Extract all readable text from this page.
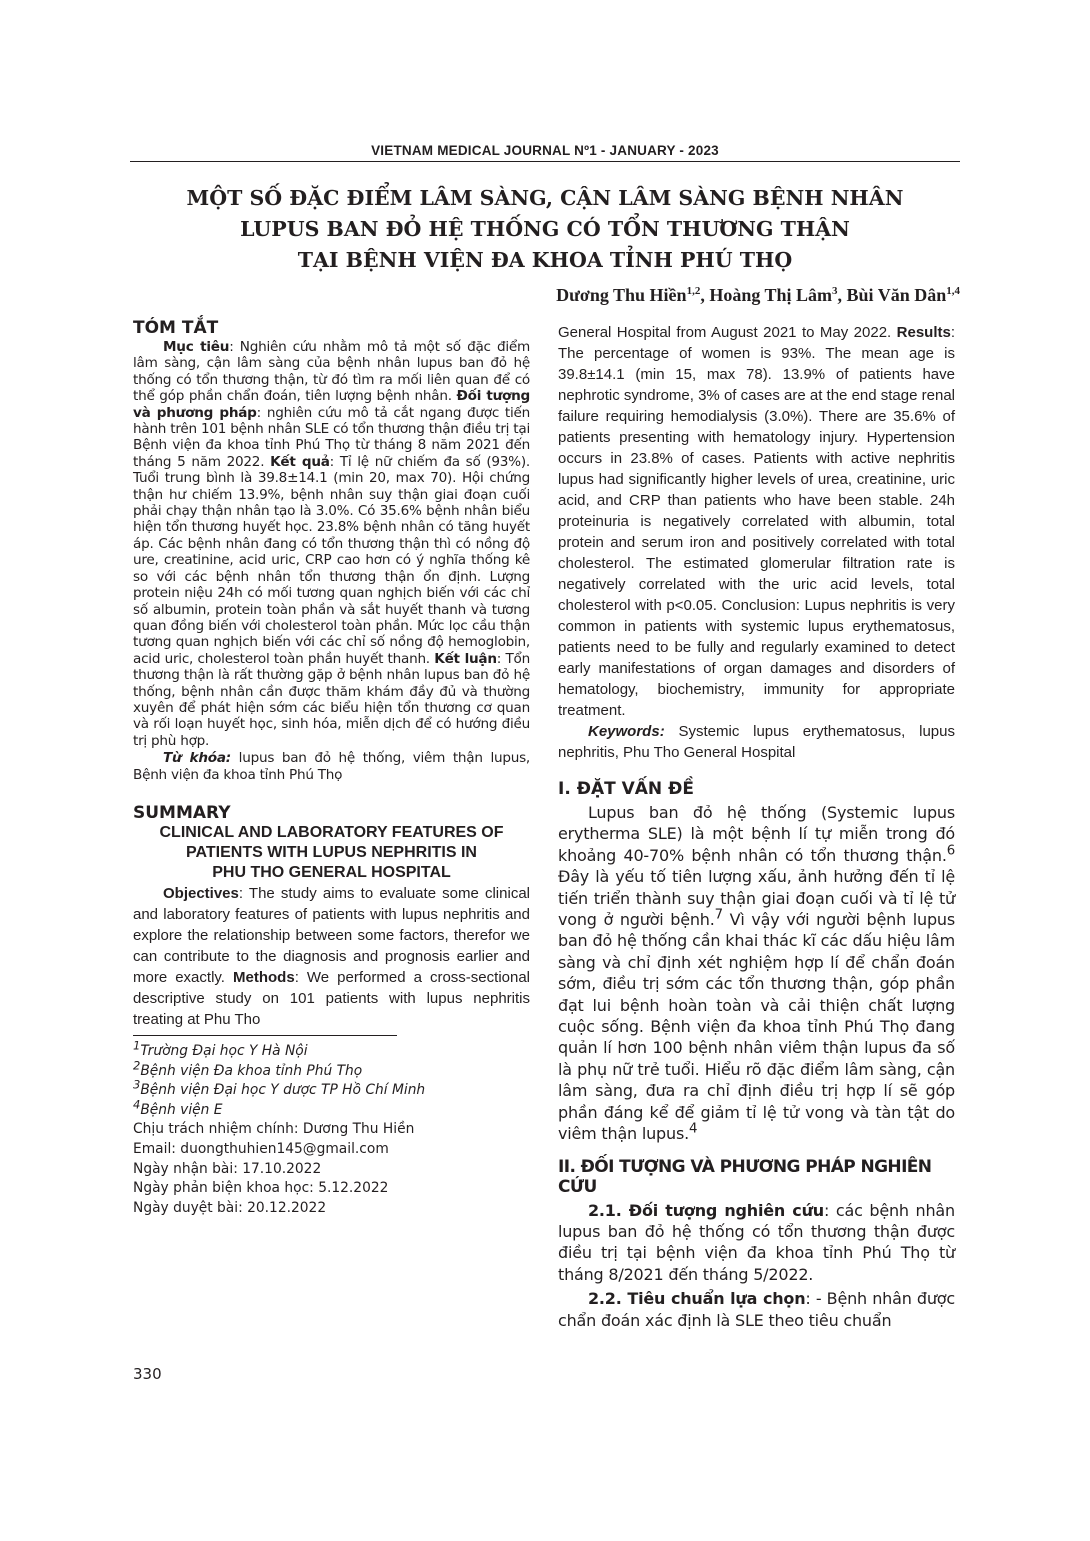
VIETNAM MEDICAL JOURNAL Nº1 - JANUARY - 2023
MỘT SỐ ĐẶC ĐIỂM LÂM SÀNG, CẬN LÂM SÀNG BỆNH NHÂN
LUPUS BAN ĐỎ HỆ THỐNG CÓ TỔN THƯƠNG THẬN
TẠI BỆNH VIỆN ĐA KHOA TỈNH PHÚ THỌ
Dương Thu Hiền$^{1,2}$, Hoàng Thị Lâm$^3$, Bùi Văn Dân$^{1,4}$
TÓM TẮT

Mục tiêu: Nghiên cứu nhằm mô tả một số đặc điểm lâm sàng, cận lâm sàng của bệnh nhân lupus ban đỏ hệ thống có tổn thương thận, từ đó tìm ra mối liên quan để có thể góp phần chẩn đoán, tiên lượng bệnh nhân. Đối tượng và phương pháp: nghiên cứu mô tả cắt ngang được tiến hành trên 101 bệnh nhân SLE có tổn thương thận điều trị tại Bệnh viện đa khoa tỉnh Phú Thọ từ tháng 8 năm 2021 đến tháng 5 năm 2022. Kết quả: Tỉ lệ nữ chiếm đa số (93%). Tuổi trung bình là 39.8±14.1 (min 20, max 70). Hội chứng thận hư chiếm 13.9%, bệnh nhân suy thận giai đoạn cuối phải chạy thận nhân tạo là 3.0%. Có 35.6% bệnh nhân biểu hiện tổn thương huyết học. 23.8% bệnh nhân có tăng huyết áp. Các bệnh nhân đang có tổn thương thận thì có nồng độ ure, creatinine, acid uric, CRP cao hơn có ý nghĩa thống kê so với các bệnh nhân tổn thương thận ổn định. Lượng protein niệu 24h có mối tương quan nghịch biến với các chỉ số albumin, protein toàn phần và sắt huyết thanh và tương quan đồng biến với cholesterol toàn phần. Mức lọc cầu thận tương quan nghịch biến với các chỉ số nồng độ hemoglobin, acid uric, cholesterol toàn phần huyết thanh. Kết luận: Tổn thương thận là rất thường gặp ở bệnh nhân lupus ban đỏ hệ thống, bệnh nhân cần được thăm khám đầy đủ và thường xuyên để phát hiện sớm các biểu hiện tổn thương cơ quan và rối loạn huyết học, sinh hóa, miễn dịch để có hướng điều trị phù hợp.

Từ khóa: lupus ban đỏ hệ thống, viêm thận lupus, Bệnh viện đa khoa tỉnh Phú Thọ

SUMMARY
CLINICAL AND LABORATORY FEATURES OF
PATIENTS WITH LUPUS NEPHRITIS IN
PHU THO GENERAL HOSPITAL

Objectives: The study aims to evaluate some clinical and laboratory features of patients with lupus nephritis and explore the relationship between some factors, therefor we can contribute to the diagnosis and prognosis earlier and more exactly. Methods: We performed a cross-sectional descriptive study on 101 patients with lupus nephritis treating at Phu Tho

$^1$Trường Đại học Y Hà Nội

$^2$Bệnh viện Đa khoa tỉnh Phú Thọ

$^3$Bệnh viện Đại học Y dược TP Hồ Chí Minh

$^4$Bệnh viện E

Chịu trách nhiệm chính: Dương Thu Hiền

Email: duongthuhien145@gmail.com

Ngày nhận bài: 17.10.2022

Ngày phản biện khoa học: 5.12.2022

Ngày duyệt bài: 20.12.2022

General Hospital from August 2021 to May 2022. Results: The percentage of women is 93%. The mean age is 39.8±14.1 (min 15, max 78). 13.9% of patients have nephrotic syndrome, 3% of cases are at the end stage renal failure requiring hemodialysis (3.0%). There are 35.6% of patients presenting with hematology injury. Hypertension occurs in 23.8% of cases. Patients with active nephritis lupus had significantly higher levels of urea, creatinine, uric acid, and CRP than patients who have been stable. 24h proteinuria is negatively correlated with albumin, total protein and serum iron and positively correlated with total cholesterol. The estimated glomerular filtration rate is negatively correlated with the uric acid levels, total cholesterol with p<0.05. Conclusion: Lupus nephritis is very common in patients with systemic lupus erythematosus, patients need to be fully and regularly examined to detect early manifestations of organ damages and disorders of hematology, biochemistry, immunity for appropriate treatment.

Keywords: Systemic lupus erythematosus, lupus nephritis, Phu Tho General Hospital

I. ĐẶT VẤN ĐỀ

Lupus ban đỏ hệ thống (Systemic lupus erytherma SLE) là một bệnh lí tự miễn trong đó khoảng 40-70% bệnh nhân có tổn thương thận.$^6$ Đây là yếu tố tiên lượng xấu, ảnh hưởng đến tỉ lệ tiến triển thành suy thận giai đoạn cuối và tỉ lệ tử vong ở người bệnh.$^7$ Vì vậy với người bệnh lupus ban đỏ hệ thống cần khai thác kĩ các dấu hiệu lâm sàng và chỉ định xét nghiệm hợp lí để chẩn đoán sớm, điều trị sớm các tổn thương thận, góp phần đạt lui bệnh hoàn toàn và cải thiện chất lượng cuộc sống. Bệnh viện đa khoa tỉnh Phú Thọ đang quản lí hơn 100 bệnh nhân viêm thận lupus đa số là phụ nữ trẻ tuổi. Hiểu rõ đặc điểm lâm sàng, cận lâm sàng, đưa ra chỉ định điều trị hợp lí sẽ góp phần đáng kể để giảm tỉ lệ tử vong và tàn tật do viêm thận lupus.$^4$

II. ĐỐI TƯỢNG VÀ PHƯƠNG PHÁP NGHIÊN CỨU

2.1. Đối tượng nghiên cứu: các bệnh nhân lupus ban đỏ hệ thống có tổn thương thận được điều trị tại bệnh viện đa khoa tỉnh Phú Thọ từ tháng 8/2021 đến tháng 5/2022.

2.2. Tiêu chuẩn lựa chọn: - Bệnh nhân được chẩn đoán xác định là SLE theo tiêu chuẩn

330
